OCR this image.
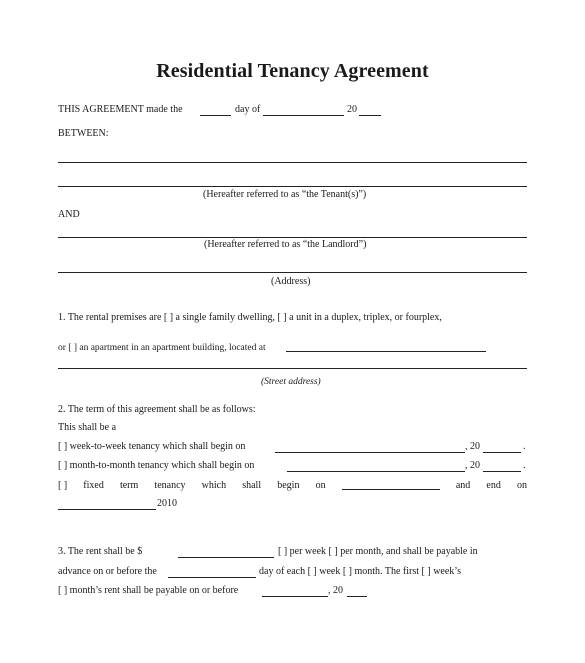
Residential Tenancy Agreement
THIS AGREEMENT made the	day of	20
BETWEEN:
(Hereafter referred to as “the Tenant(s)”)
AND
(Hereafter referred to as “the Landlord”)
(Address)
1. The rental premises are [ ] a single family dwelling, [ ] a unit in a duplex, triplex, or fourplex,
or [ ] an apartment in an apartment building, located at
(Street address)
2. The term of this agreement shall be as follows:
This shall be a
[ ] week-to-week tenancy which shall begin on	, 20	.
[ ] month-to-month tenancy which shall begin on	, 20	.
[ ] fixed term tenancy which shall begin on	and end on
2010
3. The rent shall be $	[ ] per week [ ] per month, and shall be payable in
advance on or before the	day of each [ ] week [ ] month. The first [ ] week’s
[ ] month’s rent shall be payable on or before	, 20
